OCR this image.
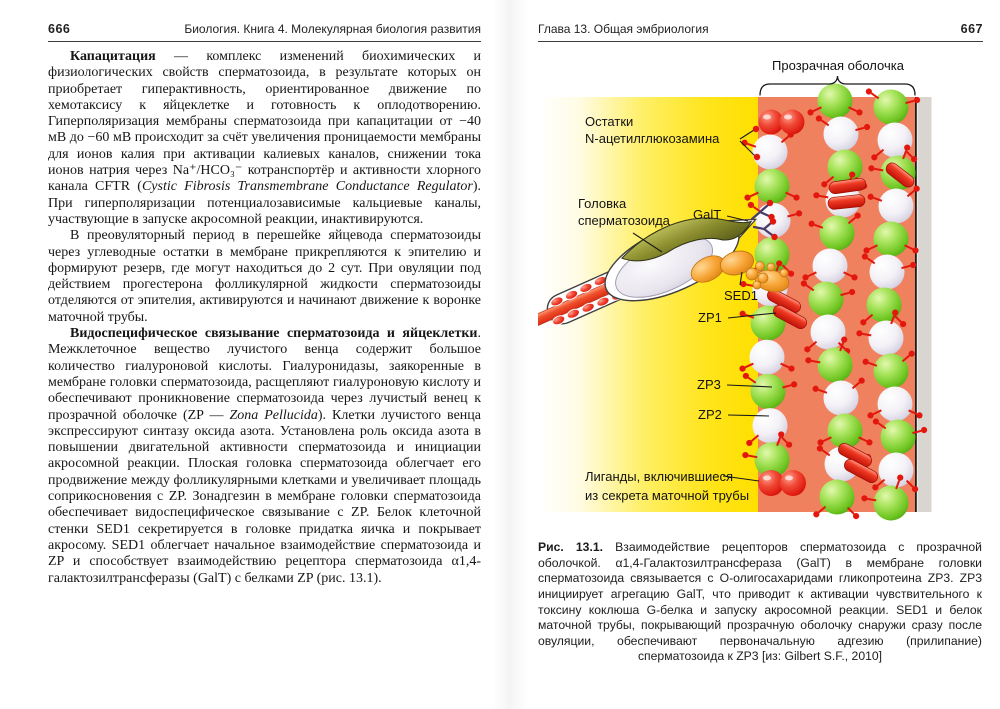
666	Биология. Книга 4. Молекулярная биология развития

Капацитация — комплекс изменений биохимических и физиологических свойств сперматозоида, в результате которых он приобретает гиперактивность, ориентированное движение по хемотаксису к яйцеклетке и готовность к оплодотворению. Гиперполяризация мембраны сперматозоида при капацитации от −40 мВ до −60 мВ происходит за счёт увеличения проницаемости мембраны для ионов калия при активации калиевых каналов, снижении тока ионов натрия через Na⁺/HCO₃⁻ котранспортёр и активности хлорного канала CFTR (Cystic Fibrosis Transmembrane Conductance Regulator). При гиперполяризации потенциалозависимые кальциевые каналы, участвующие в запуске акросомной реакции, инактивируются.

В преовуляторный период в перешейке яйцевода сперматозоиды через углеводные остатки в мембране прикрепляются к эпителию и формируют резерв, где могут находиться до 2 сут. При овуляции под действием прогестерона фолликулярной жидкости сперматозоиды отделяются от эпителия, активируются и начинают движение к воронке маточной трубы.

Видоспецифическое связывание сперматозоида и яйцеклетки. Межклеточное вещество лучистого венца содержит большое количество гиалуроновой кислоты. Гиалуронидазы, заякоренные в мембране головки сперматозоида, расщепляют гиалуроновую кислоту и обеспечивают проникновение сперматозоида через лучистый венец к прозрачной оболочке (ZP — Zona Pellucida). Клетки лучистого венца экспрессируют синтазу оксида азота. Установлена роль оксида азота в повышении двигательной активности сперматозоида и инициации акросомной реакции. Плоская головка сперматозоида облегчает его продвижение между фолликулярными клетками и увеличивает площадь соприкосновения с ZP. Зонадгезин в мембране головки сперматозоида обеспечивает видоспецифическое связывание с ZP. Белок клеточной стенки SED1 секретируется в головке придатка яичка и покрывает акросому. SED1 облегчает начальное взаимодействие сперматозоида и ZP и способствует взаимодействию рецептора сперматозоида α1,4-галактозилтрансферазы (GalT) с белками ZP (рис. 13.1).

Глава 13. Общая эмбриология	667
Прозрачная оболочка
Остатки
N-ацетилглюкозамина
Головка
сперматозоида GalT
SED1
ZP1
ZP3
ZP2
Лиганды, включившиеся
из секрета маточной трубы

Рис. 13.1. Взаимодействие рецепторов сперматозоида с прозрачной оболочкой. α1,4-Галактозилтрансфераза (GalT) в мембране головки сперматозоида связывается с О-олигосахаридами гликопротеина ZP3. ZP3 инициирует агрегацию GalT, что приводит к активации чувствительного к токсину коклюша G-белка и запуску акросомной реакции. SED1 и белок маточной трубы, покрывающий прозрачную оболочку снаружи сразу после овуляции, обеспечивают первоначальную адгезию (прилипание) сперматозоида к ZP3 [из: Gilbert S.F., 2010]
